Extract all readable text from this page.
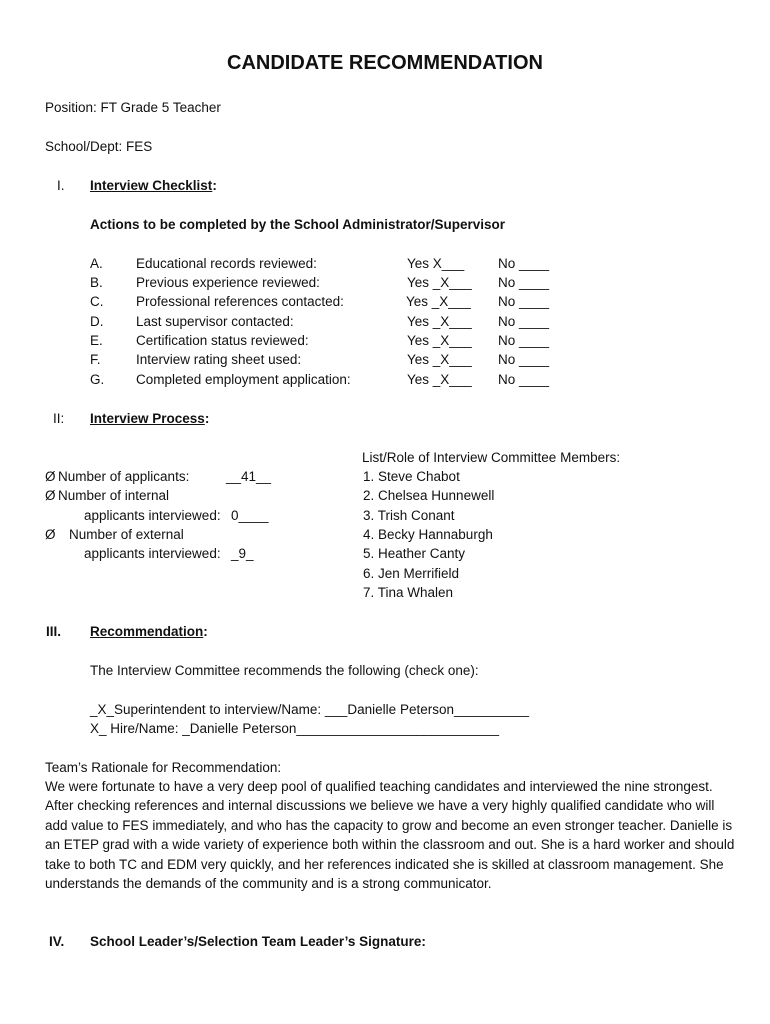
CANDIDATE RECOMMENDATION
Position: FT Grade 5 Teacher
School/Dept: FES
I. Interview Checklist:
Actions to be completed by the School Administrator/Supervisor
A. Educational records reviewed:	Yes X___ No ____
B. Previous experience reviewed:	Yes _X___ No ____
C. Professional references contacted:	Yes _X___ No ____
D. Last supervisor contacted:	Yes _X___ No ____
E. Certification status reviewed:	Yes _X___ No ____
F.	Interview rating sheet used:	Yes _X___ No ____
G. Completed employment application:	Yes _X___ No ____
II: Interview Process:
Ø Number of applicants:	__41__
Ø Number of internal
applicants interviewed: 0____
Ø Number of external
applicants interviewed: _9_
List/Role of Interview Committee Members:
1. Steve Chabot
2. Chelsea Hunnewell
3. Trish Conant
4. Becky Hannaburgh
5. Heather Canty
6. Jen Merrifield
7. Tina Whalen
III. Recommendation:
The Interview Committee recommends the following (check one):
_X_Superintendent to interview/Name: ___Danielle Peterson__________
X_ Hire/Name: _Danielle Peterson___________________________
Team’s Rationale for Recommendation:
We were fortunate to have a very deep pool of qualified teaching candidates and interviewed the nine strongest. After checking references and internal discussions we believe we have a very highly qualified candidate who will add value to FES immediately, and who has the capacity to grow and become an even stronger teacher. Danielle is an ETEP grad with a wide variety of experience both within the classroom and out. She is a hard worker and should take to both TC and EDM very quickly, and her references indicated she is skilled at classroom management. She understands the demands of the community and is a strong communicator.
IV. School Leader’s/Selection Team Leader’s Signature:
